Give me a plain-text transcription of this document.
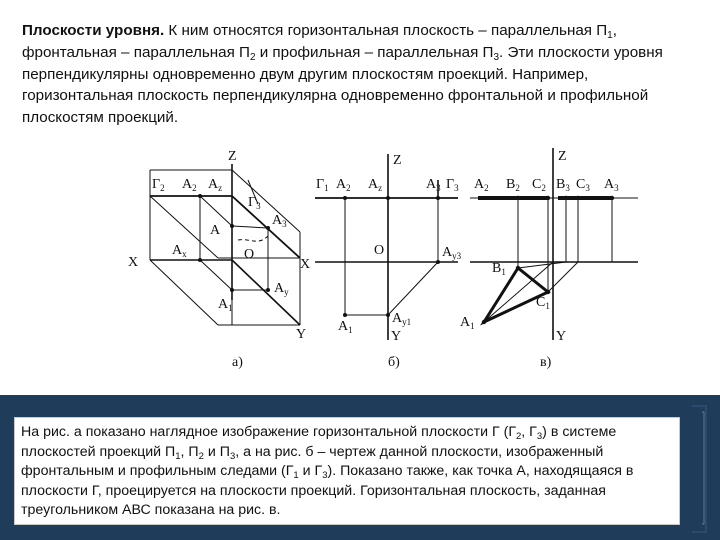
Плоскости уровня. К ним относятся горизонтальная плоскость – параллельная $П_1$, фронтальная – параллельная $П_2$ и профильная – параллельная $П_3$. Эти плоскости уровня перпендикулярны одновременно двум другим плоскостям проекций. Например, горизонтальная плоскость перпендикулярна одновременно фронтальной и профильной плоскостям проекций.

Z
X
Y
O
$Г_2$ $A_2$ $A_z$
$Г_3$
$A_3$
A
$A_x$
$A_1$
$A_y$
а)
Z
X
Y
O
$Г_1$ $A_2$ $A_z$	$A_3$ $Г_3$
$A_{y3}$
$A_1$
$A_{y1}$
б)
Z
Y
$A_2$ $B_2$ $C_2$ $B_3$ $C_3$ $A_3$
$B_1$
$C_1$
$A_1$
в)

На рис. а показано наглядное изображение горизонтальной плоскости Г ($Г_2$, $Г_3$) в системе плоскостей проекций $П_1$, $П_2$ и $П_3$, а на рис. б – чертеж данной плоскости, изображенный фронтальным и профильным следами ($Г_1$ и $Г_3$). Показано также, как точка А, находящаяся в плоскости Г, проецируется на плоскости проекций. Горизонтальная плоскость, заданная треугольником АВС показана на рис. в.
